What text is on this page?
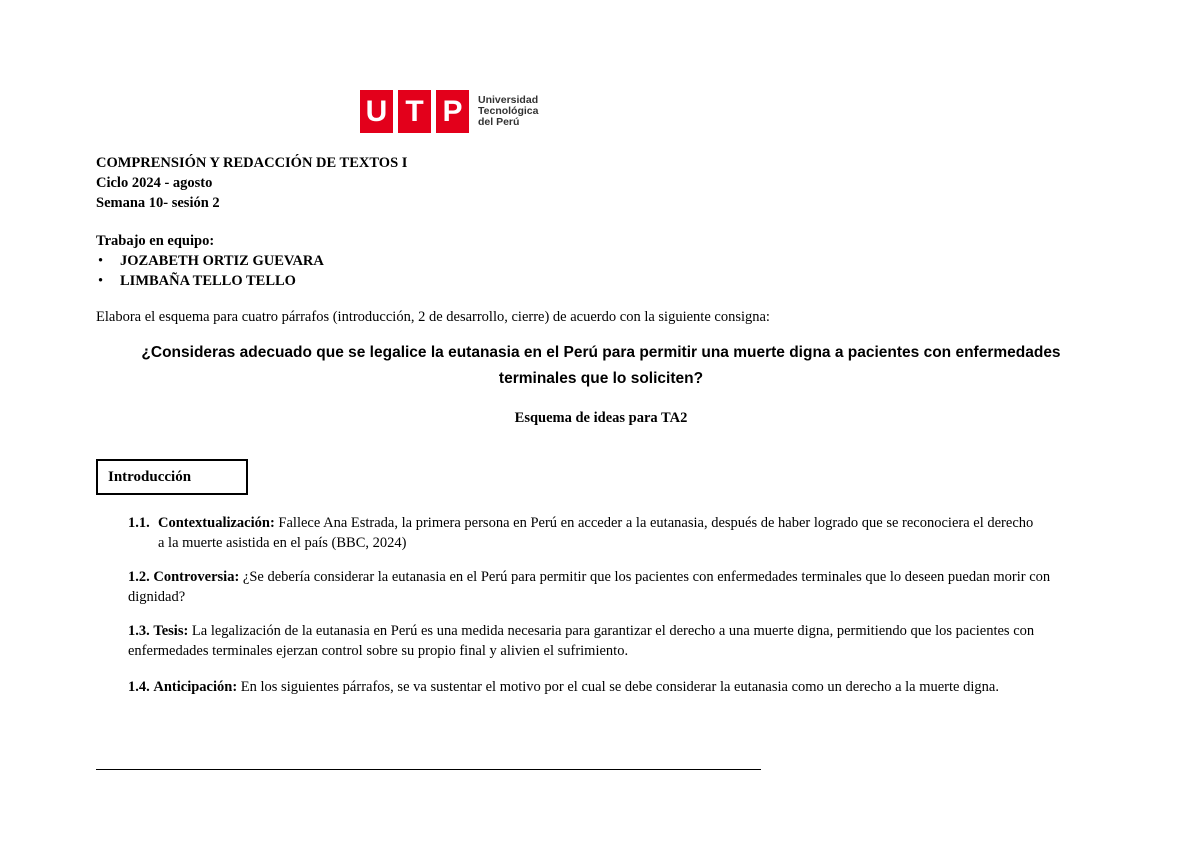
U T P	Universidad
Tecnológica
del Perú
COMPRENSIÓN Y REDACCIÓN DE TEXTOS I
Ciclo 2024 - agosto
Semana 10- sesión 2
Trabajo en equipo:
• JOZABETH ORTIZ GUEVARA
• LIMBAÑA TELLO TELLO
Elabora el esquema para cuatro párrafos (introducción, 2 de desarrollo, cierre) de acuerdo con la siguiente consigna:
¿Consideras adecuado que se legalice la eutanasia en el Perú para permitir una muerte digna a pacientes con enfermedades
terminales que lo soliciten?
Esquema de ideas para TA2
Introducción
1.1. Contextualización: Fallece Ana Estrada, la primera persona en Perú en acceder a la eutanasia, después de haber logrado que se reconociera el derecho
a la muerte asistida en el país (BBC, 2024)
1.2. Controversia: ¿Se debería considerar la eutanasia en el Perú para permitir que los pacientes con enfermedades terminales que lo deseen puedan morir con dignidad?
1.3. Tesis: La legalización de la eutanasia en Perú es una medida necesaria para garantizar el derecho a una muerte digna, permitiendo que los pacientes con enfermedades terminales ejerzan control sobre su propio final y alivien el sufrimiento.
1.4. Anticipación: En los siguientes párrafos, se va sustentar el motivo por el cual se debe considerar la eutanasia como un derecho a la muerte digna.
